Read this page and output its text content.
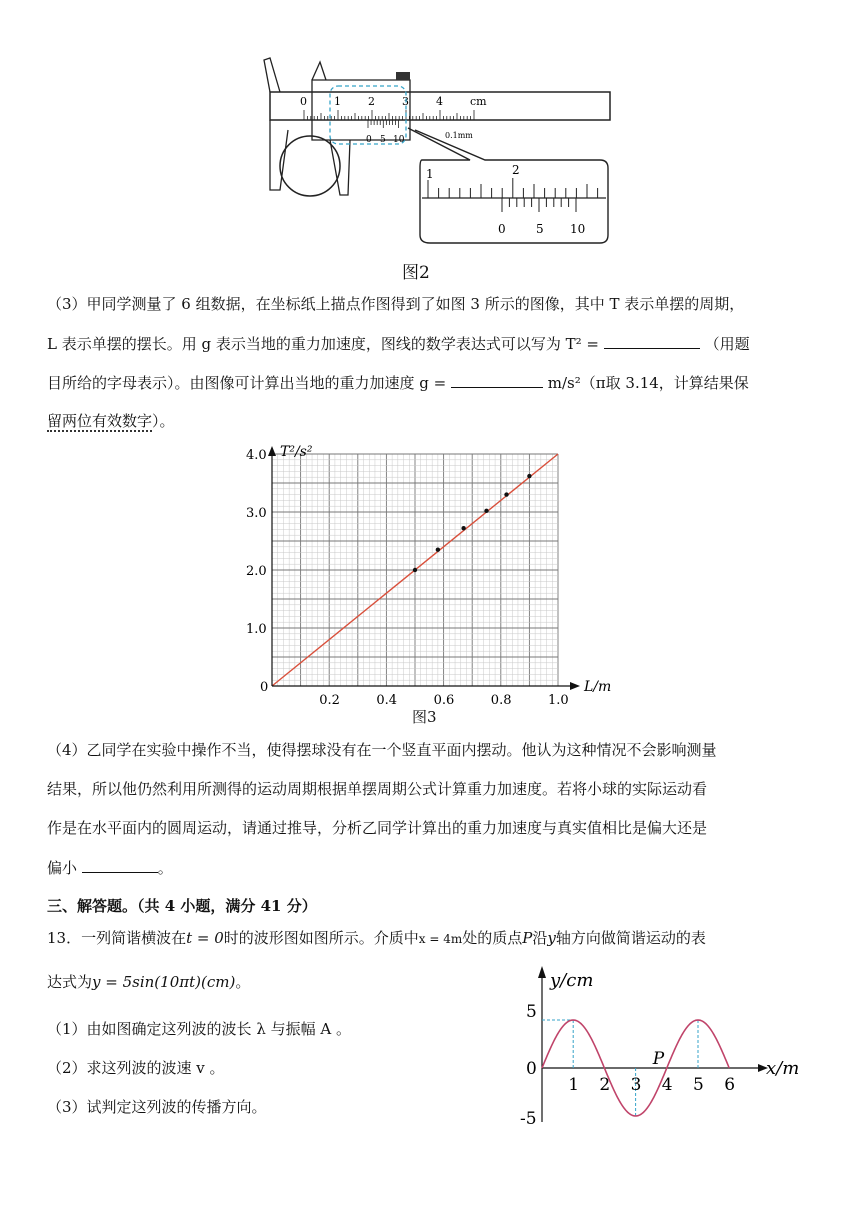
0 1 2 3 4 cm
0 5 10	0.1mm
1	2
0	5 10
图2
（3）甲同学测量了 6 组数据，在坐标纸上描点作图得到了如图 3 所示的图像，其中 T 表示单摆的周期，
L 表示单摆的摆长。用 g 表示当地的重力加速度，图线的数学表达式可以写为 T² =	（用题
目所给的字母表示）。由图像可计算出当地的重力加速度 g =	m/s²（π取 3.14，计算结果保
留两位有效数字）。
T²/s²
L/m
0
0.2	0.4	0.6	0.8	1.0
1.0
2.0
3.0
4.0
图3
（4）乙同学在实验中操作不当，使得摆球没有在一个竖直平面内摆动。他认为这种情况不会影响测量
结果，所以他仍然利用所测得的运动周期根据单摆周期公式计算重力加速度。若将小球的实际运动看
作是在水平面内的圆周运动，请通过推导，分析乙同学计算出的重力加速度与真实值相比是偏大还是
偏小	。
三、解答题。（共 4 小题，满分 41 分）
13．一列简谐横波在t = 0时的波形图如图所示。介质中x = 4m处的质点P沿y轴方向做简谐运动的表
达式为y = 5sin(10πt)(cm)。
（1）由如图确定这列波的波长 λ 与振幅 A 。
（2）求这列波的波速 v 。
（3）试判定这列波的传播方向。
y/cm
x/m
0
1 2 3 4 5 6
5
-5
P
